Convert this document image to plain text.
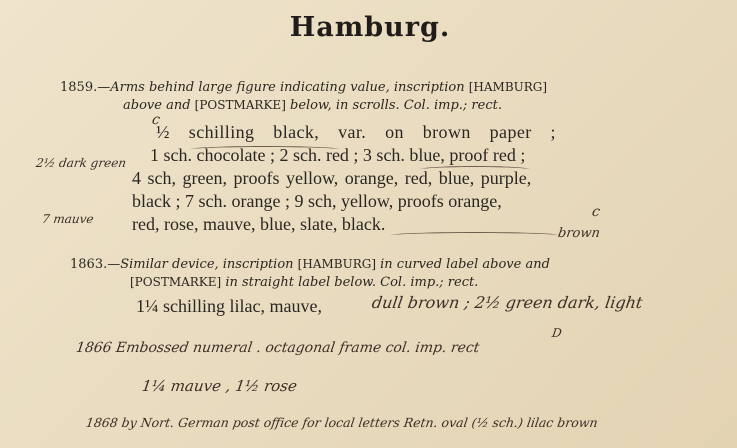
Hamburg.
1859.—Arms behind large figure indicating value, inscription [HAMBURG]
above and [POSTMARKE] below, in scrolls. Col. imp.; rect.
½ schilling black, var. on brown paper ;
1 sch. chocolate ; 2 sch. red ; 3 sch. blue, proof red ;
4 sch, green, proofs yellow, orange, red, blue, purple,
black ; 7 sch. orange ; 9 sch, yellow, proofs orange,
red, rose, mauve, blue, slate, black.
2½ dark green
7 mauve
c
brown
c
1863.—Similar device, inscription [HAMBURG] in curved label above and
[POSTMARKE] in straight label below. Col. imp.; rect.
1¼ schilling lilac, mauve,	dull brown ; 2½ green dark, light
1866 Embossed numeral . octagonal frame col. imp. rect
D
1¼ mauve , 1½ rose
1868 by Nort. German post office for local letters Retn. oval (½ sch.) lilac brown
